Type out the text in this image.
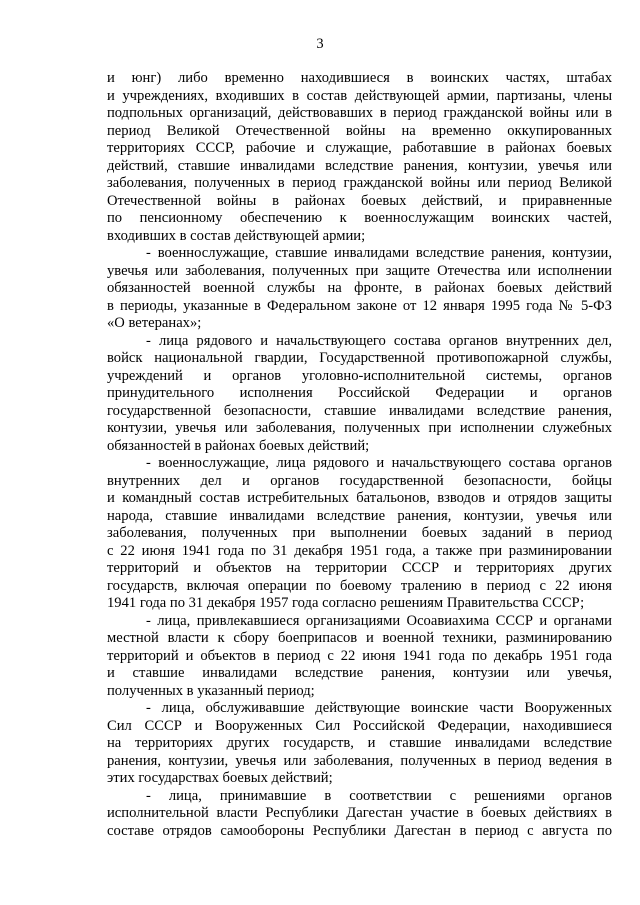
3

и юнг) либо временно находившиеся в воинских частях, штабах
и учреждениях, входивших в состав действующей армии, партизаны, члены
подпольных организаций, действовавших в период гражданской войны или в
период Великой Отечественной войны на временно оккупированных
территориях СССР, рабочие и служащие, работавшие в районах боевых
действий, ставшие инвалидами вследствие ранения, контузии, увечья или
заболевания, полученных в период гражданской войны или период Великой
Отечественной войны в районах боевых действий, и приравненные
по пенсионному обеспечению к военнослужащим воинских частей,
входивших в состав действующей армии;
- военнослужащие, ставшие инвалидами вследствие ранения, контузии,
увечья или заболевания, полученных при защите Отечества или исполнении
обязанностей военной службы на фронте, в районах боевых действий
в периоды, указанные в Федеральном законе от 12 января 1995 года № 5-ФЗ
«О ветеранах»;
- лица рядового и начальствующего состава органов внутренних дел,
войск национальной гвардии, Государственной противопожарной службы,
учреждений и органов уголовно-исполнительной системы, органов
принудительного исполнения Российской Федерации и органов
государственной безопасности, ставшие инвалидами вследствие ранения,
контузии, увечья или заболевания, полученных при исполнении служебных
обязанностей в районах боевых действий;
- военнослужащие, лица рядового и начальствующего состава органов
внутренних дел и органов государственной безопасности, бойцы
и командный состав истребительных батальонов, взводов и отрядов защиты
народа, ставшие инвалидами вследствие ранения, контузии, увечья или
заболевания, полученных при выполнении боевых заданий в период
с 22 июня 1941 года по 31 декабря 1951 года, а также при разминировании
территорий и объектов на территории СССР и территориях других
государств, включая операции по боевому тралению в период с 22 июня
1941 года по 31 декабря 1957 года согласно решениям Правительства СССР;
- лица, привлекавшиеся организациями Осоавиахима СССР и органами
местной власти к сбору боеприпасов и военной техники, разминированию
территорий и объектов в период с 22 июня 1941 года по декабрь 1951 года
и ставшие инвалидами вследствие ранения, контузии или увечья,
полученных в указанный период;
- лица, обслуживавшие действующие воинские части Вооруженных
Сил СССР и Вооруженных Сил Российской Федерации, находившиеся
на территориях других государств, и ставшие инвалидами вследствие
ранения, контузии, увечья или заболевания, полученных в период ведения в
этих государствах боевых действий;
- лица, принимавшие в соответствии с решениями органов
исполнительной власти Республики Дагестан участие в боевых действиях в
составе отрядов самообороны Республики Дагестан в период с августа по
